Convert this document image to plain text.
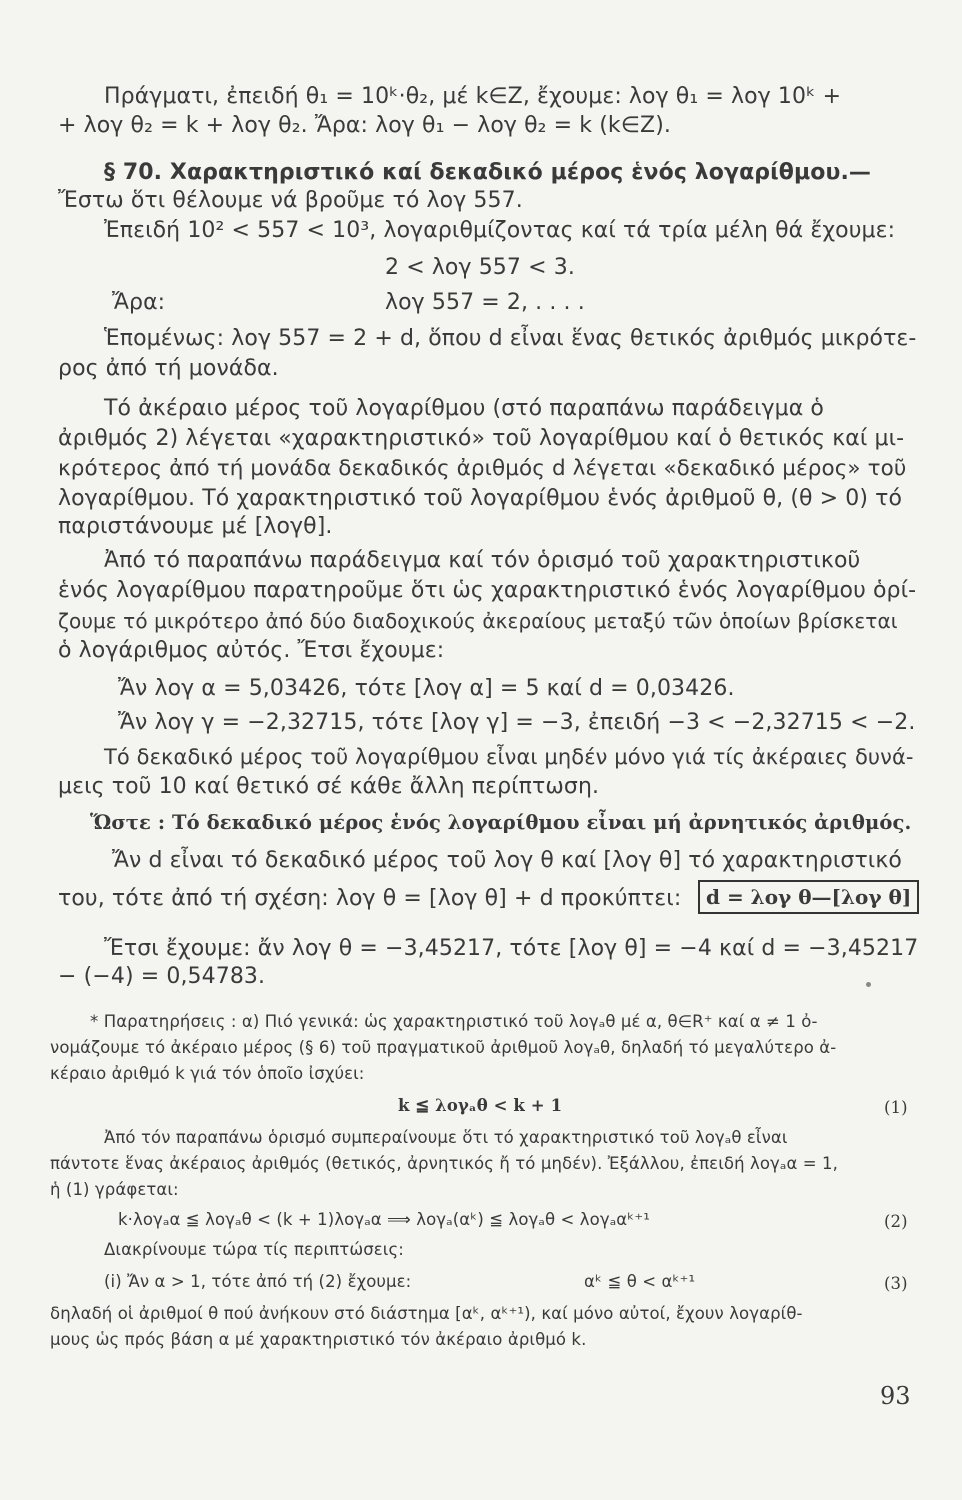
Πράγματι, ἐπειδή θ₁ = 10ᵏ·θ₂, μέ k∈Z, ἔχουμε: λογ θ₁ = λογ 10ᵏ +
+ λογ θ₂ = k + λογ θ₂. Ἄρα: λογ θ₁ − λογ θ₂ = k (k∈Z).
§ 70. Χαρακτηριστικό καί δεκαδικό μέρος ἑνός λογαρίθμου.—
Ἔστω ὅτι θέλουμε νά βροῦμε τό λογ 557.
Ἐπειδή 10² < 557 < 10³, λογαριθμίζοντας καί τά τρία μέλη θά ἔχουμε:
2 < λογ 557 < 3.
Ἄρα:	λογ 557 = 2, . . . .
Ἑπομένως: λογ 557 = 2 + d, ὅπου d εἶναι ἕνας θετικός ἀριθμός μικρότε-
ρος ἀπό τή μονάδα.
Τό ἀκέραιο μέρος τοῦ λογαρίθμου (στό παραπάνω παράδειγμα ὁ
ἀριθμός 2) λέγεται «χαρακτηριστικό» τοῦ λογαρίθμου καί ὁ θετικός καί μι-
κρότερος ἀπό τή μονάδα δεκαδικός ἀριθμός d λέγεται «δεκαδικό μέρος» τοῦ
λογαρίθμου. Τό χαρακτηριστικό τοῦ λογαρίθμου ἑνός ἀριθμοῦ θ, (θ > 0) τό
παριστάνουμε μέ [λογθ].
Ἀπό τό παραπάνω παράδειγμα καί τόν ὁρισμό τοῦ χαρακτηριστικοῦ
ἑνός λογαρίθμου παρατηροῦμε ὅτι ὡς χαρακτηριστικό ἑνός λογαρίθμου ὁρί-
ζουμε τό μικρότερο ἀπό δύο διαδοχικούς ἀκεραίους μεταξύ τῶν ὁποίων βρίσκεται
ὁ λογάριθμος αὐτός. Ἔτσι ἔχουμε:
Ἄν λογ α = 5,03426, τότε [λογ α] = 5 καί d = 0,03426.
Ἄν λογ γ = −2,32715, τότε [λογ γ] = −3, ἐπειδή −3 < −2,32715 < −2.
Τό δεκαδικό μέρος τοῦ λογαρίθμου εἶναι μηδέν μόνο γιά τίς ἀκέραιες δυνά-
μεις τοῦ 10 καί θετικό σέ κάθε ἄλλη περίπτωση.
Ὥστε : Τό δεκαδικό μέρος ἑνός λογαρίθμου εἶναι μή ἀρνητικός ἀριθμός.
Ἄν d εἶναι τό δεκαδικό μέρος τοῦ λογ θ καί [λογ θ] τό χαρακτηριστικό
του, τότε ἀπό τή σχέση: λογ θ = [λογ θ] + d προκύπτει:	d = λογ θ—[λογ θ]
Ἔτσι ἔχουμε: ἄν λογ θ = −3,45217, τότε [λογ θ] = −4 καί d = −3,45217
− (−4) = 0,54783.
* Παρατηρήσεις : α) Πιό γενικά: ὡς χαρακτηριστικό τοῦ λογₐθ μέ α, θ∈R⁺ καί α ≠ 1 ὀ-
νομάζουμε τό ἀκέραιο μέρος (§ 6) τοῦ πραγματικοῦ ἀριθμοῦ λογₐθ, δηλαδή τό μεγαλύτερο ἀ-
κέραιο ἀριθμό k γιά τόν ὁποῖο ἰσχύει:
k ≦ λογₐθ < k + 1	(1)
Ἀπό τόν παραπάνω ὁρισμό συμπεραίνουμε ὅτι τό χαρακτηριστικό τοῦ λογₐθ εἶναι
πάντοτε ἕνας ἀκέραιος ἀριθμός (θετικός, ἀρνητικός ἤ τό μηδέν). Ἐξάλλου, ἐπειδή λογₐα = 1,
ἡ (1) γράφεται:
k·λογₐα ≦ λογₐθ < (k + 1)λογₐα ⟹ λογₐ(αᵏ) ≦ λογₐθ < λογₐαᵏ⁺¹	(2)
Διακρίνουμε τώρα τίς περιπτώσεις:
(i) Ἄν α > 1, τότε ἀπό τή (2) ἔχουμε:	αᵏ ≦ θ < αᵏ⁺¹	(3)
δηλαδή οἱ ἀριθμοί θ πού ἀνήκουν στό διάστημα [αᵏ, αᵏ⁺¹), καί μόνο αὐτοί, ἔχουν λογαρίθ-
μους ὡς πρός βάση α μέ χαρακτηριστικό τόν ἀκέραιο ἀριθμό k.
93
